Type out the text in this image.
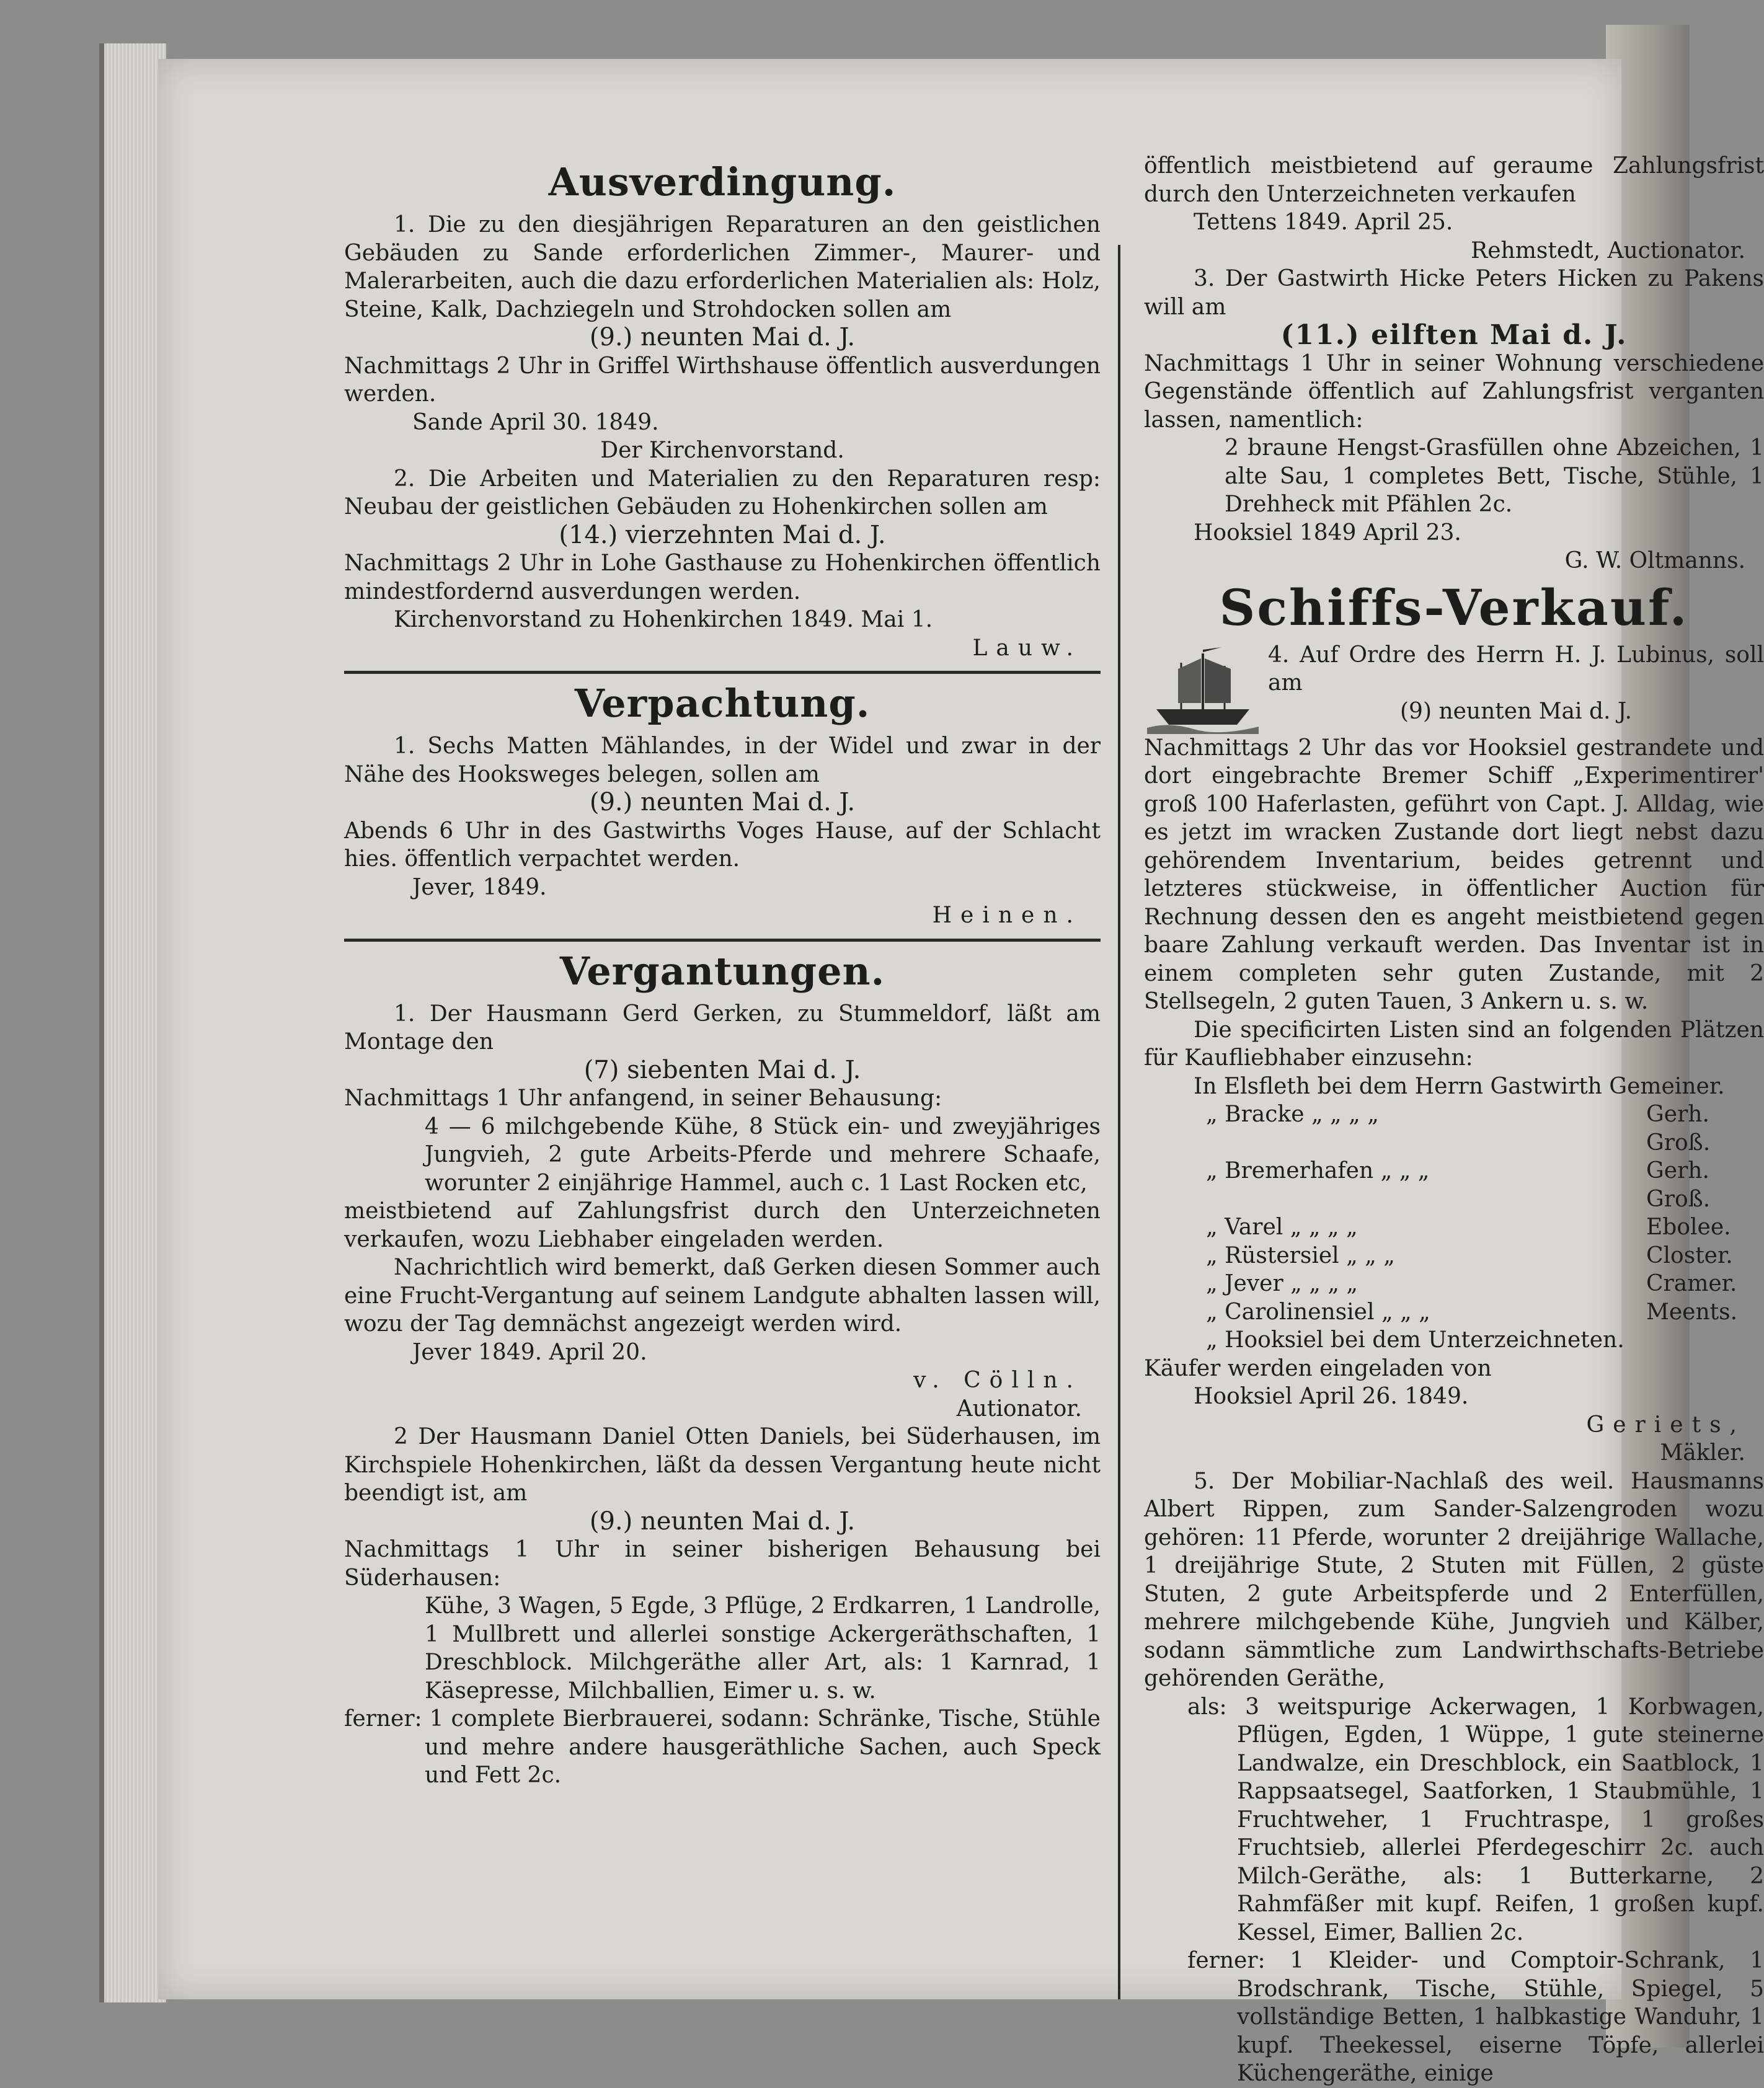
Ausverdingung.

1. Die zu den diesjährigen Reparaturen an den geistlichen Gebäuden zu Sande erforderlichen Zimmer-, Maurer- und Malerarbeiten, auch die dazu erforderlichen Materialien als: Holz, Steine, Kalk, Dachziegeln und Strohdocken sollen am

(9.) neunten Mai d. J.

Nachmittags 2 Uhr in Griffel Wirthshause öffentlich ausverdungen werden.

Sande April 30. 1849.

Der Kirchenvorstand.

2. Die Arbeiten und Materialien zu den Reparaturen resp: Neubau der geistlichen Gebäuden zu Hohenkirchen sollen am

(14.) vierzehnten Mai d. J.

Nachmittags 2 Uhr in Lohe Gasthause zu Hohenkirchen öffentlich mindestfordernd ausverdungen werden.

Kirchenvorstand zu Hohenkirchen 1849. Mai 1.

Lauw.

Verpachtung.

1. Sechs Matten Mählandes, in der Widel und zwar in der Nähe des Hooksweges belegen, sollen am

(9.) neunten Mai d. J.

Abends 6 Uhr in des Gastwirths Voges Hause, auf der Schlacht hies. öffentlich verpachtet werden.

Jever, 1849.

Heinen.

Vergantungen.

1. Der Hausmann Gerd Gerken, zu Stummeldorf, läßt am Montage den

(7) siebenten Mai d. J.

Nachmittags 1 Uhr anfangend, in seiner Behausung:

4 — 6 milchgebende Kühe, 8 Stück ein- und zweyjähriges Jungvieh, 2 gute Arbeits-Pferde und mehrere Schaafe, worunter 2 einjährige Hammel, auch c. 1 Last Rocken etc,

meistbietend auf Zahlungsfrist durch den Unterzeichneten verkaufen, wozu Liebhaber eingeladen werden.

Nachrichtlich wird bemerkt, daß Gerken diesen Sommer auch eine Frucht-Vergantung auf seinem Landgute abhalten lassen will, wozu der Tag demnächst angezeigt werden wird.

Jever 1849. April 20.

v. Cölln.

Autionator.

2 Der Hausmann Daniel Otten Daniels, bei Süderhausen, im Kirchspiele Hohenkirchen, läßt da dessen Vergantung heute nicht beendigt ist, am

(9.) neunten Mai d. J.

Nachmittags 1 Uhr in seiner bisherigen Behausung bei Süderhausen:

Kühe, 3 Wagen, 5 Egde, 3 Pflüge, 2 Erdkarren, 1 Landrolle, 1 Mullbrett und allerlei sonstige Ackergeräthschaften, 1 Dreschblock. Milchgeräthe aller Art, als: 1 Karnrad, 1 Käsepresse, Milchballien, Eimer u. s. w.

ferner: 1 complete Bierbrauerei, sodann: Schränke, Tische, Stühle und mehre andere hausgeräthliche Sachen, auch Speck und Fett 2c.

öffentlich meistbietend auf geraume Zahlungsfrist durch den Unterzeichneten verkaufen

Tettens 1849. April 25.

Rehmstedt, Auctionator.

3. Der Gastwirth Hicke Peters Hicken zu Pakens will am

(11.) eilften Mai d. J.

Nachmittags 1 Uhr in seiner Wohnung verschiedene Gegenstände öffentlich auf Zahlungsfrist verganten lassen, namentlich:

2 braune Hengst-Grasfüllen ohne Abzeichen, 1 alte Sau, 1 completes Bett, Tische, Stühle, 1 Drehheck mit Pfählen 2c.

Hooksiel 1849 April 23.

G. W. Oltmanns.

Schiffs-Verkauf.

4. Auf Ordre des Herrn H. J. Lubinus, soll am

(9) neunten Mai d. J.

Nachmittags 2 Uhr das vor Hooksiel gestrandete und dort eingebrachte Bremer Schiff „Experimentirer' groß 100 Haferlasten, geführt von Capt. J. Alldag, wie es jetzt im wracken Zustande dort liegt nebst dazu gehörendem Inventarium, beides getrennt und letzteres stückweise, in öffentlicher Auction für Rechnung dessen den es angeht meistbietend gegen baare Zahlung verkauft werden. Das Inventar ist in einem completen sehr guten Zustande, mit 2 Stellsegeln, 2 guten Tauen, 3 Ankern u. s. w.

Die specificirten Listen sind an folgenden Plätzen für Kaufliebhaber einzusehn:

In Elsfleth bei dem Herrn Gastwirth Gemeiner.

„ Bracke „ „ „ „	Gerh. Groß.
„ Bremerhafen „ „ „	Gerh. Groß.
„ Varel „ „ „ „	Ebolee.
„ Rüstersiel „ „ „	Closter.
„ Jever „ „ „ „	Cramer.
„ Carolinensiel „ „ „	Meents.

„ Hooksiel bei dem Unterzeichneten.

Käufer werden eingeladen von

Hooksiel April 26. 1849.

Geriets,

Mäkler.

5. Der Mobiliar-Nachlaß des weil. Hausmanns Albert Rippen, zum Sander-Salzengroden wozu gehören: 11 Pferde, worunter 2 dreijährige Wallache, 1 dreijährige Stute, 2 Stuten mit Füllen, 2 güste Stuten, 2 gute Arbeitspferde und 2 Enterfüllen, mehrere milchgebende Kühe, Jungvieh und Kälber, sodann sämmtliche zum Landwirthschafts-Betriebe gehörenden Geräthe,

als: 3 weitspurige Ackerwagen, 1 Korbwagen, Pflügen, Egden, 1 Wüppe, 1 gute steinerne Landwalze, ein Dreschblock, ein Saatblock, 1 Rappsaatsegel, Saatforken, 1 Staubmühle, 1 Fruchtweher, 1 Fruchtraspe, 1 großes Fruchtsieb, allerlei Pferdegeschirr 2c. auch Milch-Geräthe, als: 1 Butterkarne, 2 Rahmfäßer mit kupf. Reifen, 1 großen kupf. Kessel, Eimer, Ballien 2c.

ferner: 1 Kleider- und Comptoir-Schrank, 1 Brodschrank, Tische, Stühle, Spiegel, 5 vollständige Betten, 1 halbkastige Wanduhr, 1 kupf. Theekessel, eiserne Töpfe, allerlei Küchengeräthe, einige
